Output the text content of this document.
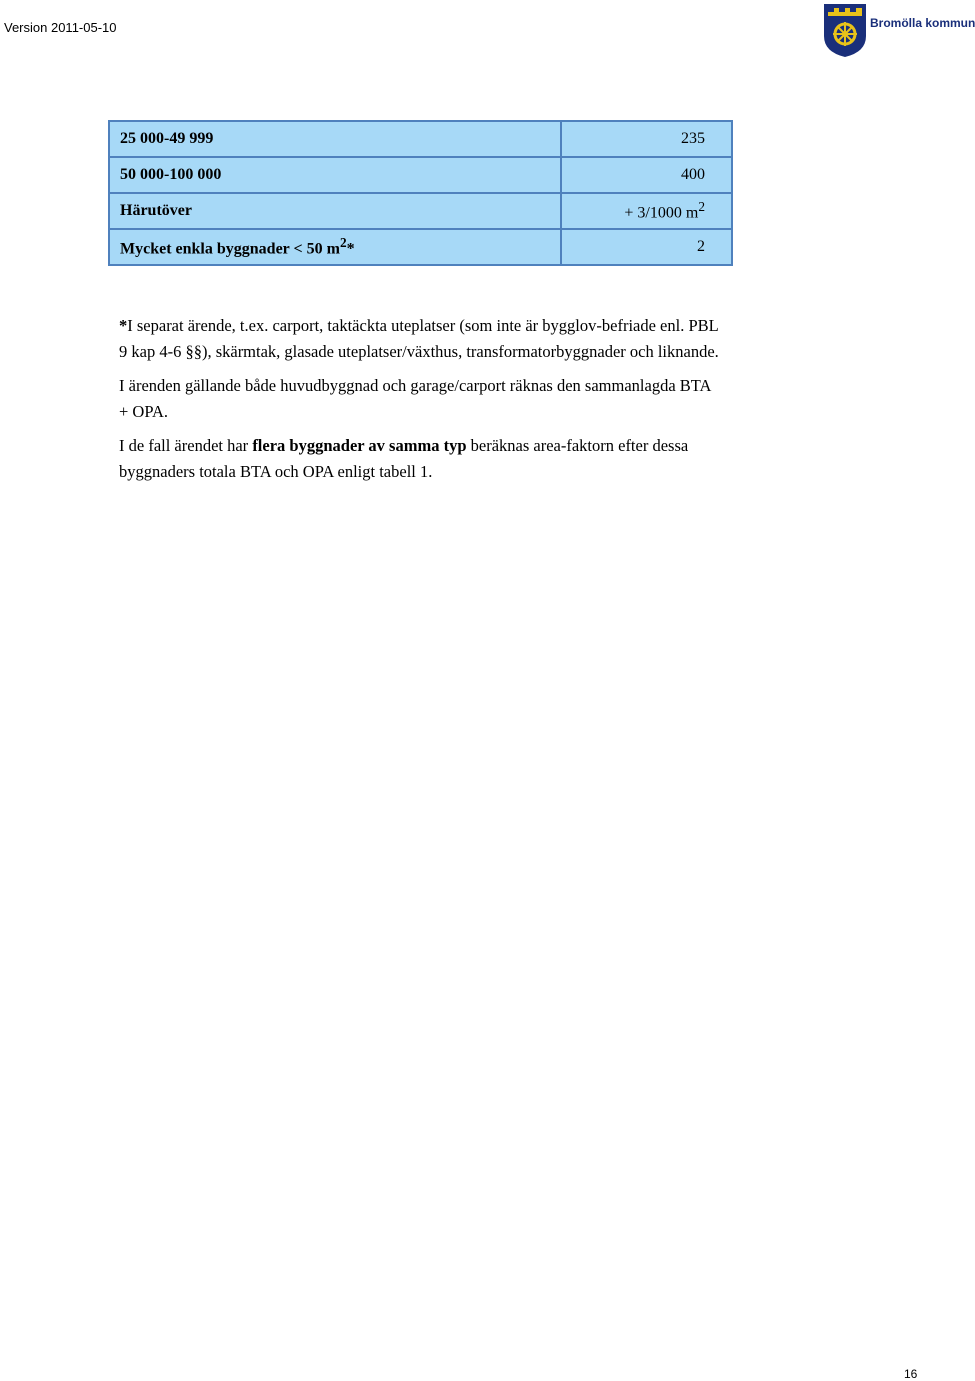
Version 2011-05-10	Bromölla kommun
25 000-49 999	235
50 000-100 000	400
Härutöver	+ 3/1000 $m^2$
Mycket enkla byggnader < 50 $m^2*$	2

*I separat ärende, t.ex. carport, taktäckta uteplatser (som inte är bygglov-befriade enl. PBL 9 kap 4-6 §§), skärmtak, glasade uteplatser/växthus, transformatorbyggnader och liknande.

I ärenden gällande både huvudbyggnad och garage/carport räknas den sammanlagda BTA + OPA.

I de fall ärendet har flera byggnader av samma typ beräknas area-faktorn efter dessa byggnaders totala BTA och OPA enligt tabell 1.

16
